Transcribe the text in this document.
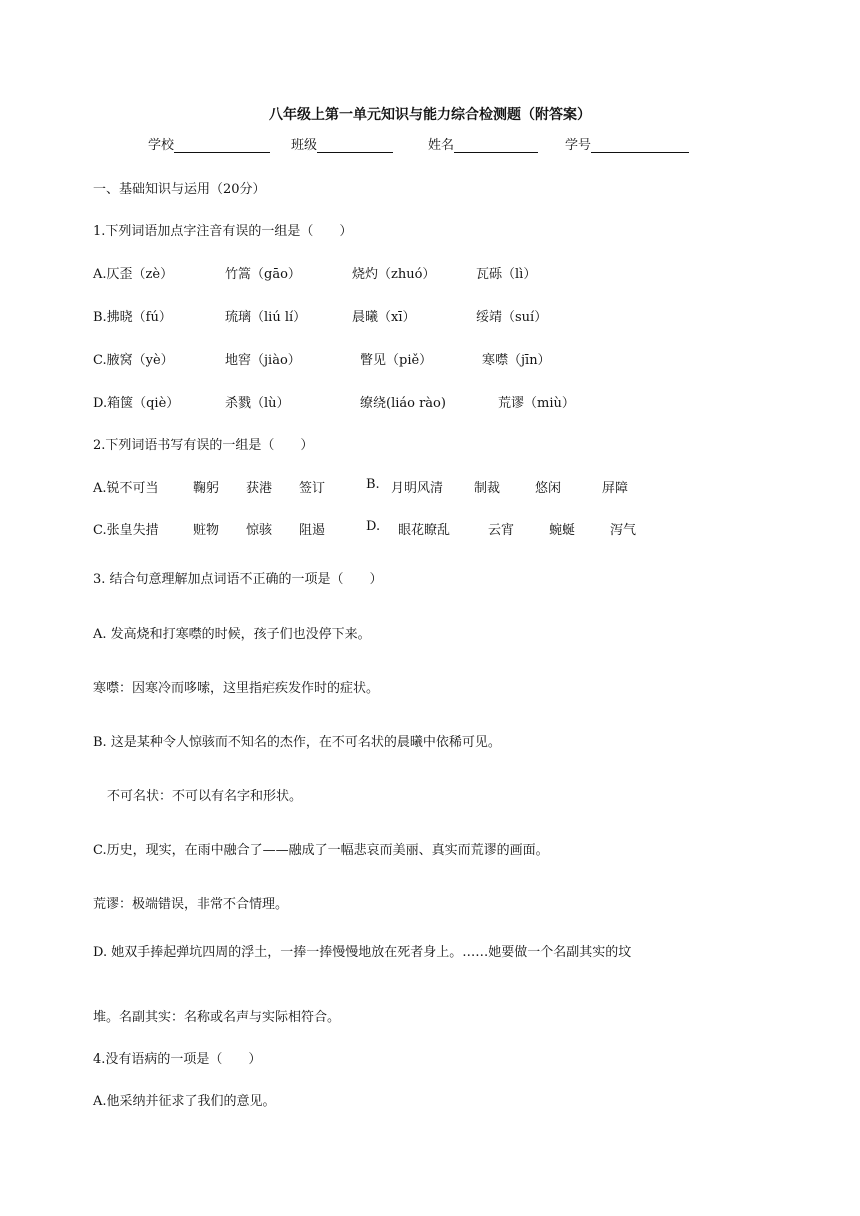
八年级上第一单元知识与能力综合检测题（附答案）
学校	班级	姓名	学号
一、基础知识与运用（20分）
1.下列词语加点字注音有误的一组是（　　）
A.仄歪（zè）	竹篙（gāo）	烧灼（zhuó）	瓦砾（lì）
B.拂晓（fú）	琉璃（liú lí）	晨曦（xī）	绥靖（suí）
C.腋窝（yè）	地窖（jiào）	瞥见（piě）	寒噤（jīn）
D.箱箧（qiè）	杀戮（lù）	缭绕(liáo rào)	荒谬（miù）
2.下列词语书写有误的一组是（　　）
A.锐不可当	鞠躬 获港 签订	B. 月明风清 制裁	悠闲	屏障
C.张皇失措	赃物 惊骇 阻遏	D. 眼花瞭乱	云宵	蜿蜒	泻气
3. 结合句意理解加点词语不正确的一项是（　　）
A. 发高烧和打寒噤的时候，孩子们也没停下来。
寒噤：因寒冷而哆嗦，这里指疟疾发作时的症状。
B. 这是某种令人惊骇而不知名的杰作，在不可名状的晨曦中依稀可见。
不可名状：不可以有名字和形状。
C.历史，现实，在雨中融合了——融成了一幅悲哀而美丽、真实而荒谬的画面。
荒谬：极端错误，非常不合情理。
D. 她双手捧起弹坑四周的浮土，一捧一捧慢慢地放在死者身上。……她要做一个名副其实的坟
堆。名副其实：名称或名声与实际相符合。
4.没有语病的一项是（　　）
A.他采纳并征求了我们的意见。
